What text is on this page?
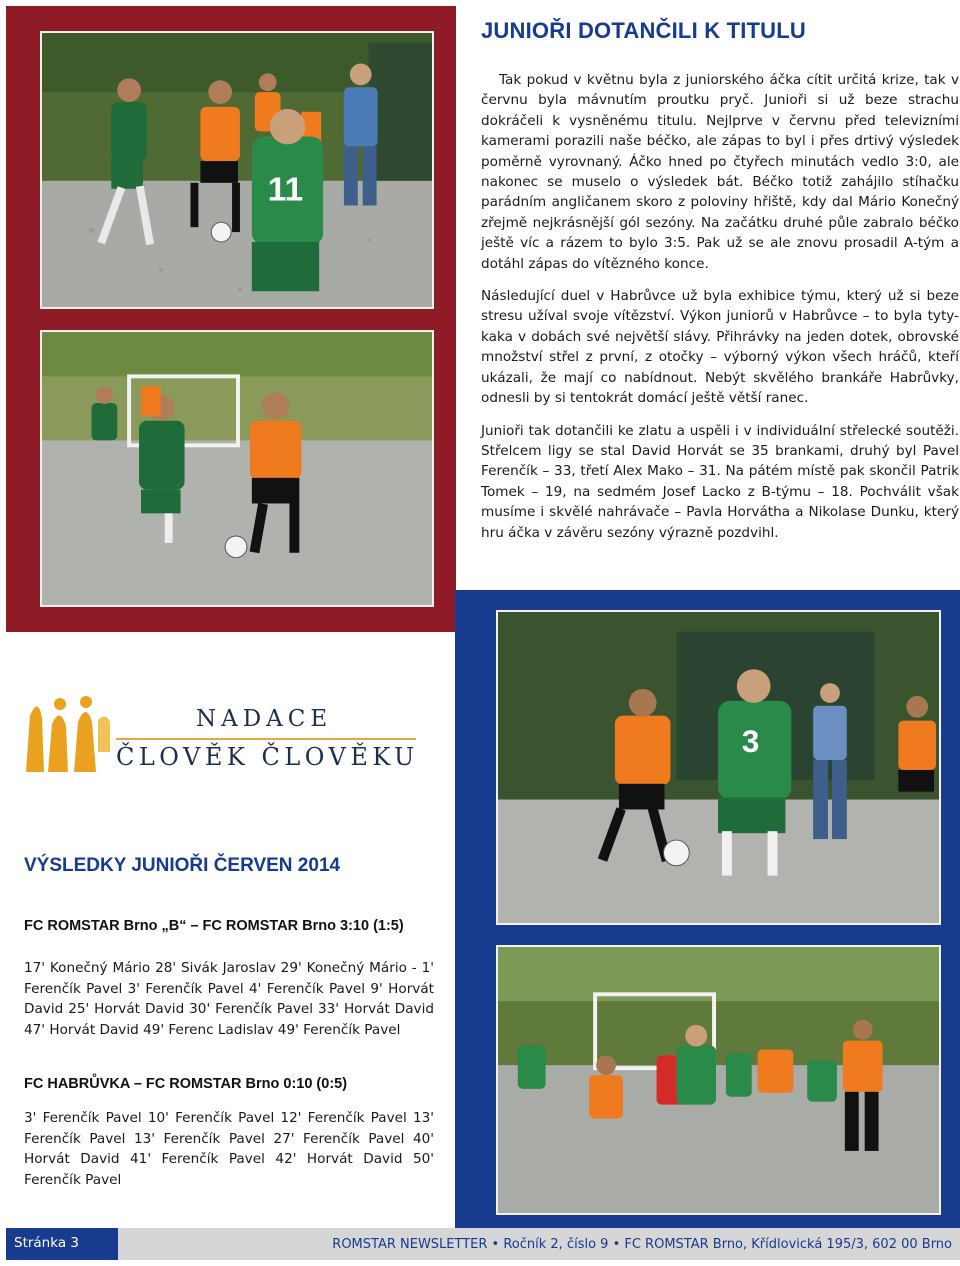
11
JUNIOŘI DOTANČILI K TITULU

Tak pokud v květnu byla z juniorského áčka cítit určitá krize, tak v červnu byla mávnutím proutku pryč. Junioři si už beze strachu dokráčeli k vysněnému titulu. Nejlprve v červnu před televizními kamerami porazili naše béčko, ale zápas to byl i přes drtivý výsledek poměrně vyrovnaný. Áčko hned po čtyřech minutách vedlo 3:0, ale nakonec se muselo o výsledek bát. Béčko totiž zahájilo stíhačku parádním angličanem skoro z poloviny hřiště, kdy dal Mário Konečný zřejmě nejkrásnější gól sezóny. Na začátku druhé půle zabralo béčko ještě víc a rázem to bylo 3:5. Pak už se ale znovu prosadil A-tým a dotáhl zápas do vítězného konce.

Následující duel v Habrůvce už byla exhibice týmu, který už si beze stresu užíval svoje vítězství. Výkon juniorů v Habrůvce – to byla tyty-kaka v dobách své největší slávy. Přihrávky na jeden dotek, obrovské množství střel z první, z otočky – výborný výkon všech hráčů, kteří ukázali, že mají co nabídnout. Nebýt skvělého brankáře Habrůvky, odnesli by si tentokrát domácí ještě větší ranec.

Junioři tak dotančili ke zlatu a uspěli i v individuální střelecké soutěži. Střelcem ligy se stal David Horvát se 35 brankami, druhý byl Pavel Ferenčík – 33, třetí Alex Mako – 31. Na pátém místě pak skončil Patrik Tomek – 19, na sedmém Josef Lacko z B-týmu – 18. Pochválit však musíme i skvělé nahrávače – Pavla Horvátha a Nikolase Dunku, který hru áčka v závěru sezóny výrazně pozdvihl.

3
NADACE
ČLOVĚK ČLOVĚKU
VÝSLEDKY JUNIOŘI ČERVEN 2014
FC ROMSTAR Brno „B“ – FC ROMSTAR Brno 3:10 (1:5)

17' Konečný Mário 28' Sivák Jaroslav 29' Konečný Mário - 1' Ferenčík Pavel 3' Ferenčík Pavel 4' Ferenčík Pavel 9' Horvát David 25' Horvát David 30' Ferenčík Pavel 33' Horvát David 47' Horvát David 49' Ferenc Ladislav 49' Ferenčík Pavel

FC HABRŮVKA – FC ROMSTAR Brno 0:10 (0:5)

3' Ferenčík Pavel 10' Ferenčík Pavel 12' Ferenčík Pavel 13' Ferenčík Pavel 13' Ferenčík Pavel 27' Ferenčík Pavel 40' Horvát David 41' Ferenčík Pavel 42' Horvát David 50' Ferenčík Pavel

Stránka 3	ROMSTAR NEWSLETTER • Ročník 2, číslo 9 • FC ROMSTAR Brno, Křídlovická 195/3, 602 00 Brno
